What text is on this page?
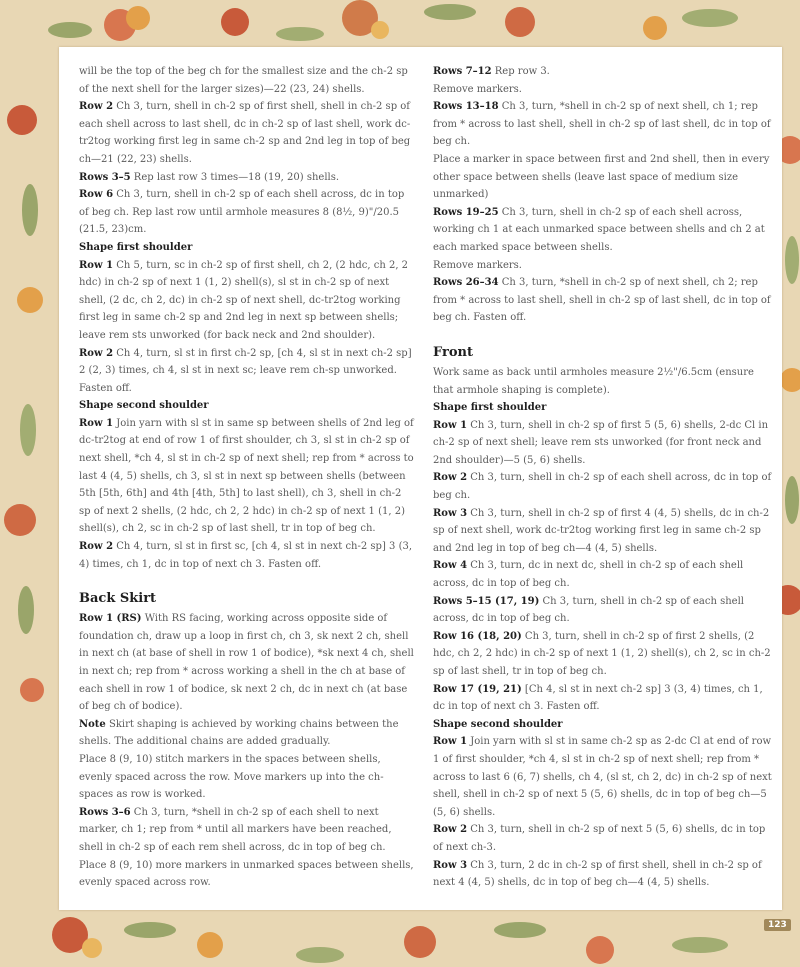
will be the top of the beg ch for the smallest size and the ch-2 sp of the next shell for the larger sizes)—22 (23, 24) shells.

Row 2 Ch 3, turn, shell in ch-2 sp of first shell, shell in ch-2 sp of each shell across to last shell, dc in ch-2 sp of last shell, work dc-tr2tog working first leg in same ch-2 sp and 2nd leg in top of beg ch—21 (22, 23) shells.

Rows 3–5 Rep last row 3 times—18 (19, 20) shells.

Row 6 Ch 3, turn, shell in ch-2 sp of each shell across, dc in top of beg ch. Rep last row until armhole measures 8 (8½, 9)"/20.5 (21.5, 23)cm.

Shape first shoulder

Row 1 Ch 5, turn, sc in ch-2 sp of first shell, ch 2, (2 hdc, ch 2, 2 hdc) in ch-2 sp of next 1 (1, 2) shell(s), sl st in ch-2 sp of next shell, (2 dc, ch 2, dc) in ch-2 sp of next shell, dc-tr2tog working first leg in same ch-2 sp and 2nd leg in next sp between shells; leave rem sts unworked (for back neck and 2nd shoulder).

Row 2 Ch 4, turn, sl st in first ch-2 sp, [ch 4, sl st in next ch-2 sp] 2 (2, 3) times, ch 4, sl st in next sc; leave rem ch-sp unworked. Fasten off.

Shape second shoulder

Row 1 Join yarn with sl st in same sp between shells of 2nd leg of dc-tr2tog at end of row 1 of first shoulder, ch 3, sl st in ch-2 sp of next shell, *ch 4, sl st in ch-2 sp of next shell; rep from * across to last 4 (4, 5) shells, ch 3, sl st in next sp between shells (between 5th [5th, 6th] and 4th [4th, 5th] to last shell), ch 3, shell in ch-2 sp of next 2 shells, (2 hdc, ch 2, 2 hdc) in ch-2 sp of next 1 (1, 2) shell(s), ch 2, sc in ch-2 sp of last shell, tr in top of beg ch.

Row 2 Ch 4, turn, sl st in first sc, [ch 4, sl st in next ch-2 sp] 3 (3, 4) times, ch 1, dc in top of next ch 3. Fasten off.

Back Skirt

Row 1 (RS) With RS facing, working across opposite side of foundation ch, draw up a loop in first ch, ch 3, sk next 2 ch, shell in next ch (at base of shell in row 1 of bodice), *sk next 4 ch, shell in next ch; rep from * across working a shell in the ch at base of each shell in row 1 of bodice, sk next 2 ch, dc in next ch (at base of beg ch of bodice).

Note Skirt shaping is achieved by working chains between the shells. The additional chains are added gradually.

Place 8 (9, 10) stitch markers in the spaces between shells, evenly spaced across the row. Move markers up into the ch-spaces as row is worked.

Rows 3–6 Ch 3, turn, *shell in ch-2 sp of each shell to next marker, ch 1; rep from * until all markers have been reached, shell in ch-2 sp of each rem shell across, dc in top of beg ch.

Place 8 (9, 10) more markers in unmarked spaces between shells, evenly spaced across row.

Rows 7–12 Rep row 3.

Remove markers.

Rows 13–18 Ch 3, turn, *shell in ch-2 sp of next shell, ch 1; rep from * across to last shell, shell in ch-2 sp of last shell, dc in top of beg ch.

Place a marker in space between first and 2nd shell, then in every other space between shells (leave last space of medium size unmarked)

Rows 19–25 Ch 3, turn, shell in ch-2 sp of each shell across, working ch 1 at each unmarked space between shells and ch 2 at each marked space between shells.

Remove markers.

Rows 26–34 Ch 3, turn, *shell in ch-2 sp of next shell, ch 2; rep from * across to last shell, shell in ch-2 sp of last shell, dc in top of beg ch. Fasten off.

Front

Work same as back until armholes measure 2½"/6.5cm (ensure that armhole shaping is complete).

Shape first shoulder

Row 1 Ch 3, turn, shell in ch-2 sp of first 5 (5, 6) shells, 2-dc Cl in ch-2 sp of next shell; leave rem sts unworked (for front neck and 2nd shoulder)—5 (5, 6) shells.

Row 2 Ch 3, turn, shell in ch-2 sp of each shell across, dc in top of beg ch.

Row 3 Ch 3, turn, shell in ch-2 sp of first 4 (4, 5) shells, dc in ch-2 sp of next shell, work dc-tr2tog working first leg in same ch-2 sp and 2nd leg in top of beg ch—4 (4, 5) shells.

Row 4 Ch 3, turn, dc in next dc, shell in ch-2 sp of each shell across, dc in top of beg ch.

Rows 5–15 (17, 19) Ch 3, turn, shell in ch-2 sp of each shell across, dc in top of beg ch.

Row 16 (18, 20) Ch 3, turn, shell in ch-2 sp of first 2 shells, (2 hdc, ch 2, 2 hdc) in ch-2 sp of next 1 (1, 2) shell(s), ch 2, sc in ch-2 sp of last shell, tr in top of beg ch.

Row 17 (19, 21) [Ch 4, sl st in next ch-2 sp] 3 (3, 4) times, ch 1, dc in top of next ch 3. Fasten off.

Shape second shoulder

Row 1 Join yarn with sl st in same ch-2 sp as 2-dc Cl at end of row 1 of first shoulder, *ch 4, sl st in ch-2 sp of next shell; rep from * across to last 6 (6, 7) shells, ch 4, (sl st, ch 2, dc) in ch-2 sp of next shell, shell in ch-2 sp of next 5 (5, 6) shells, dc in top of beg ch—5 (5, 6) shells.

Row 2 Ch 3, turn, shell in ch-2 sp of next 5 (5, 6) shells, dc in top of next ch-3.

Row 3 Ch 3, turn, 2 dc in ch-2 sp of first shell, shell in ch-2 sp of next 4 (4, 5) shells, dc in top of beg ch—4 (4, 5) shells.

123
